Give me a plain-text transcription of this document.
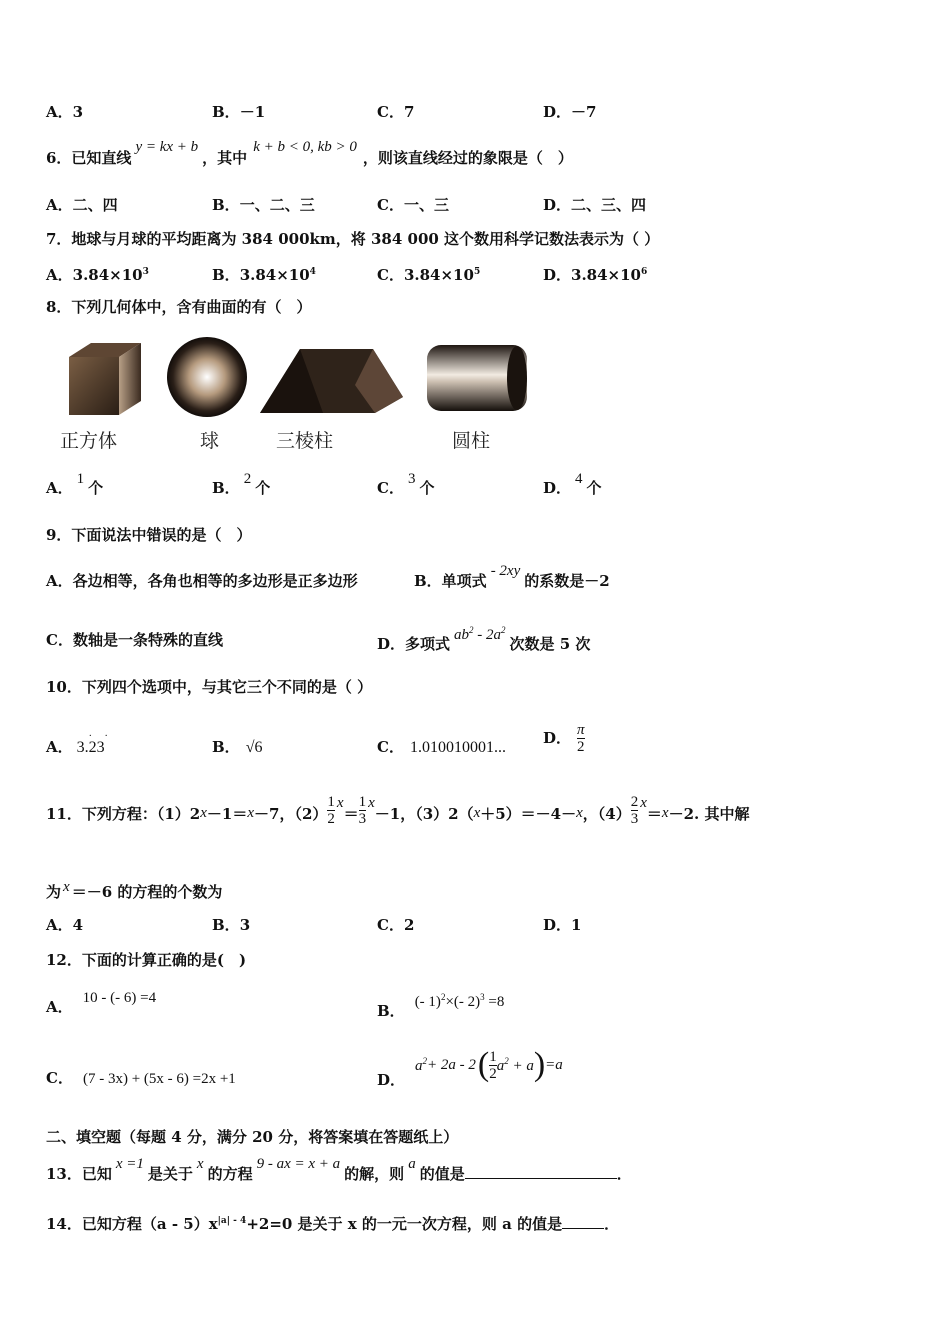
A．3	B．－1	C．7	D．－7
6．已知直线y = kx + b，其中k + b < 0, kb > 0，则该直线经过的象限是（　）
A．二、四	B．一、二、三	C．一、三	D．二、三、四
7．地球与月球的平均距离为 384 000km，将 384 000 这个数用科学记数法表示为（ ）
A．$3.84\times 10^3$	B．$3.84\times 10^4$	C．$3.84\times 10^5$	D．$3.84\times 10^6$
8．下列几何体中，含有曲面的有（　）
正方体	球	三棱柱	圆柱
A． 1 个	B． 2 个	C． 3 个	D． 4 个
9．下面说法中错误的是（　）
A．各边相等，各角也相等的多边形是正多边形	B．单项式- 2xy的系数是－2
C．数轴是一条特殊的直线	D．多项式 $ab^2 - 2a^2$次数是 5 次
10．下列四个选项中，与其它三个不同的是（ ）
A．
· ·
3.23	B． √6	C． 1.010010001...
D． $\frac{\pi}{2}$
11．下列方程：（1）2 x －1＝ x －7，$(2) \frac{1}{2}$ x
＝ $\frac{1}{3}$ x
－1，（3）2（ x ＋5）＝－4－ x ，$(4) \frac{2}{3}$ x
＝ x －2. 其中解
为 x ＝－6 的方程的个数为
A．4	B．3	C．2	D．1
12．下面的计算正确的是(　)
A． 10 - (- 6) =4
B． (- 1)$^2$×(- 2)$^3$ =8
C． (7 - 3x) + (5x - 6) =2x +1	D．
$a^2 + 2a - 2$ ( $\frac{1}{2} a^2 + a$ ) =a
二、填空题（每题 4 分，满分 20 分，将答案填在答题纸上）
13．已知x =1是关于x的方程9 - ax = x + a的解，则a的值是	．
14．已知方程$(a - 5)x^{|a| - 4}+2=0$ 是关于 x 的一元一次方程，则 a 的值是	．
